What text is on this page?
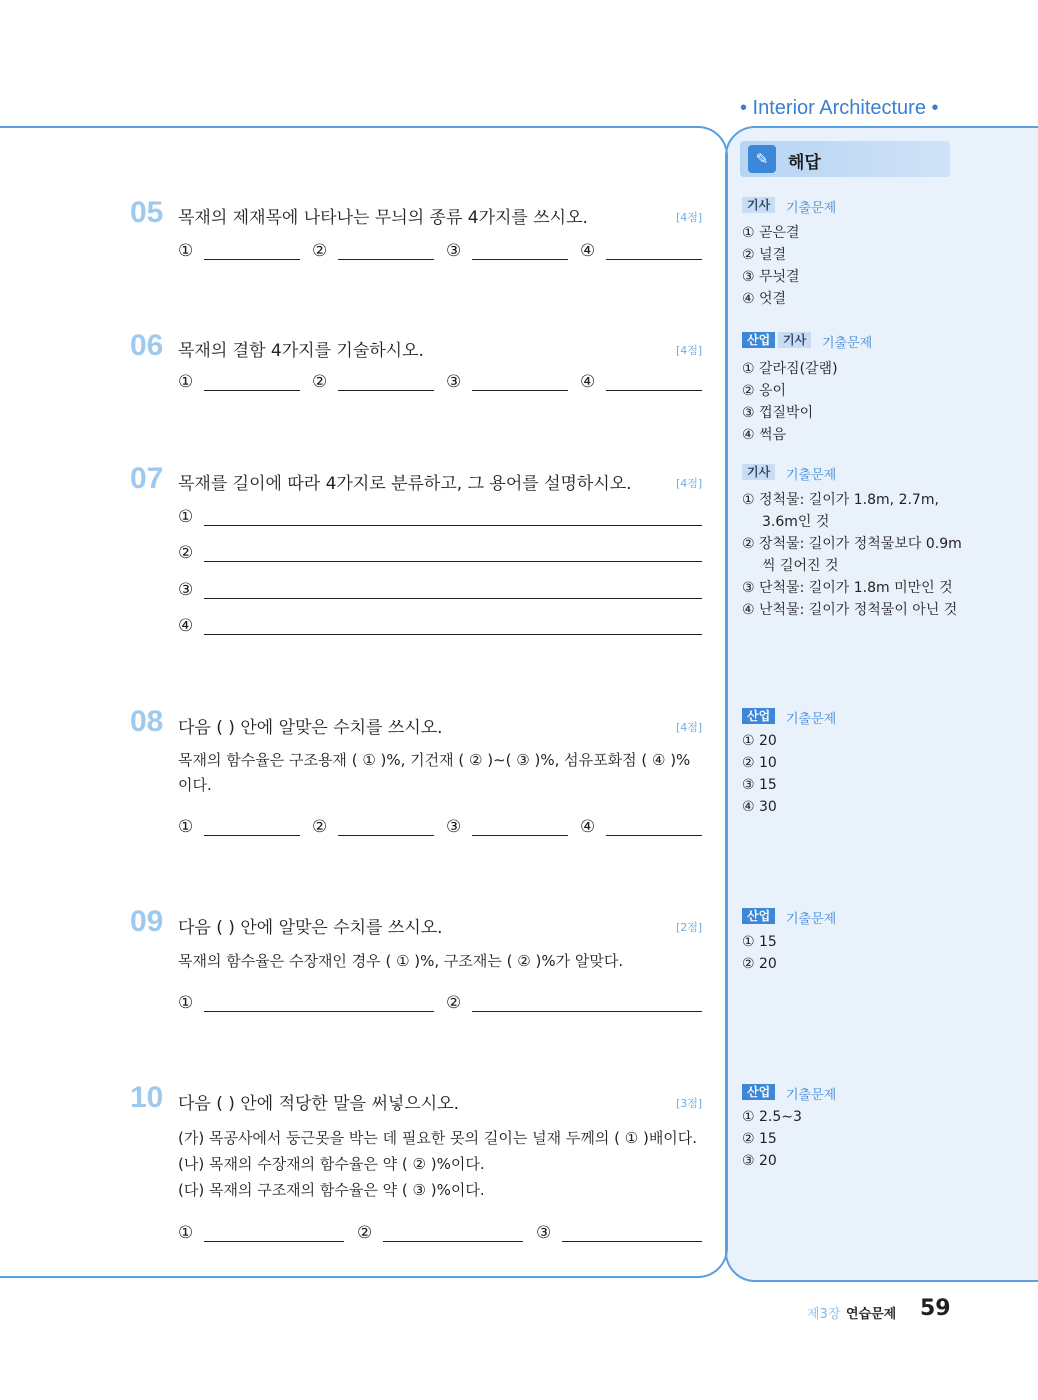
• Interior Architecture •
✎	해답
05 목재의 제재목에 나타나는 무늬의 종류 4가지를 쓰시오.	[4점]
①	②	③	④
06 목재의 결함 4가지를 기술하시오.	[4점]
①	②	③	④
07 목재를 길이에 따라 4가지로 분류하고, 그 용어를 설명하시오.	[4점]
①
②
③
④
08 다음 ( ) 안에 알맞은 수치를 쓰시오.	[4점]
목재의 함수율은 구조용재 ( ① )%, 기건재 ( ② )∼( ③ )%, 섬유포화점 ( ④ )%
이다.
①	②	③	④
09 다음 ( ) 안에 알맞은 수치를 쓰시오.	[2점]
목재의 함수율은 수장재인 경우 ( ① )%, 구조재는 ( ② )%가 알맞다.
①	②
10 다음 ( ) 안에 적당한 말을 써넣으시오.	[3점]
(가) 목공사에서 둥근못을 박는 데 필요한 못의 길이는 널재 두께의 ( ① )배이다.
(나) 목재의 수장재의 함수율은 약 ( ② )%이다.
(다) 목재의 구조재의 함수율은 약 ( ③ )%이다.
①	②	③
기사	기출문제
① 곧은결
② 널결
③ 무늿결
④ 엇결
산업	기사	기출문제
① 갈라짐(갈램)
② 옹이
③ 껍질박이
④ 썩음
기사	기출문제
① 정척물: 길이가 1.8m, 2.7m,
3.6m인 것
② 장척물: 길이가 정척물보다 0.9m
씩 길어진 것
③ 단척물: 길이가 1.8m 미만인 것
④ 난척물: 길이가 정척물이 아닌 것
산업	기출문제
① 20
② 10
③ 15
④ 30
산업	기출문제
① 15
② 20
산업	기출문제
① 2.5∼3
② 15
③ 20
제3장 연습문제 59
